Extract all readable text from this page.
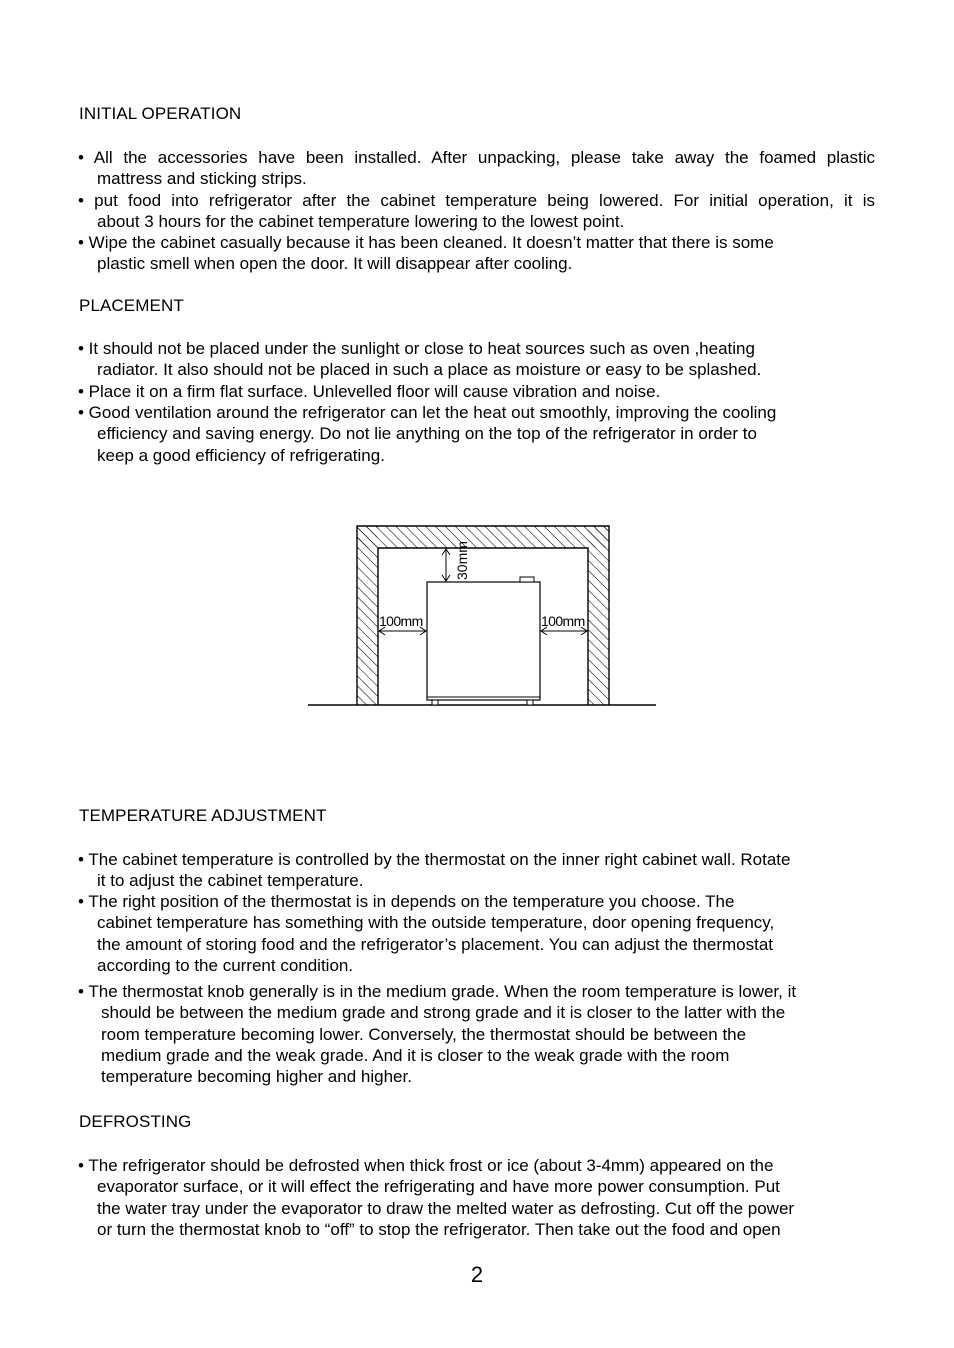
INITIAL OPERATION
• All the accessories have been installed. After unpacking, please take away the foamed plastic
mattress and sticking strips.
• put food into refrigerator after the cabinet temperature being lowered. For initial operation, it is
about 3 hours for the cabinet temperature lowering to the lowest point.
• Wipe the cabinet casually because it has been cleaned. It doesn’t matter that there is some
plastic smell when open the door. It will disappear after cooling.
PLACEMENT
• It should not be placed under the sunlight or close to heat sources such as oven ,heating
radiator. It also should not be placed in such a place as moisture or easy to be splashed.
• Place it on a firm flat surface. Unlevelled floor will cause vibration and noise.
• Good ventilation around the refrigerator can let the heat out smoothly, improving the cooling
efficiency and saving energy. Do not lie anything on the top of the refrigerator in order to
keep a good efficiency of refrigerating.
30mm
100mm	100mm
TEMPERATURE ADJUSTMENT
• The cabinet temperature is controlled by the thermostat on the inner right cabinet wall. Rotate
it to adjust the cabinet temperature.
• The right position of the thermostat is in depends on the temperature you choose. The
cabinet temperature has something with the outside temperature, door opening frequency,
the amount of storing food and the refrigerator’s placement. You can adjust the thermostat
according to the current condition.
• The thermostat knob generally is in the medium grade. When the room temperature is lower, it
should be between the medium grade and strong grade and it is closer to the latter with the
room temperature becoming lower. Conversely, the thermostat should be between the
medium grade and the weak grade. And it is closer to the weak grade with the room
temperature becoming higher and higher.
DEFROSTING
• The refrigerator should be defrosted when thick frost or ice (about 3-4mm) appeared on the
evaporator surface, or it will effect the refrigerating and have more power consumption. Put
the water tray under the evaporator to draw the melted water as defrosting. Cut off the power
or turn the thermostat knob to “off” to stop the refrigerator. Then take out the food and open
2
